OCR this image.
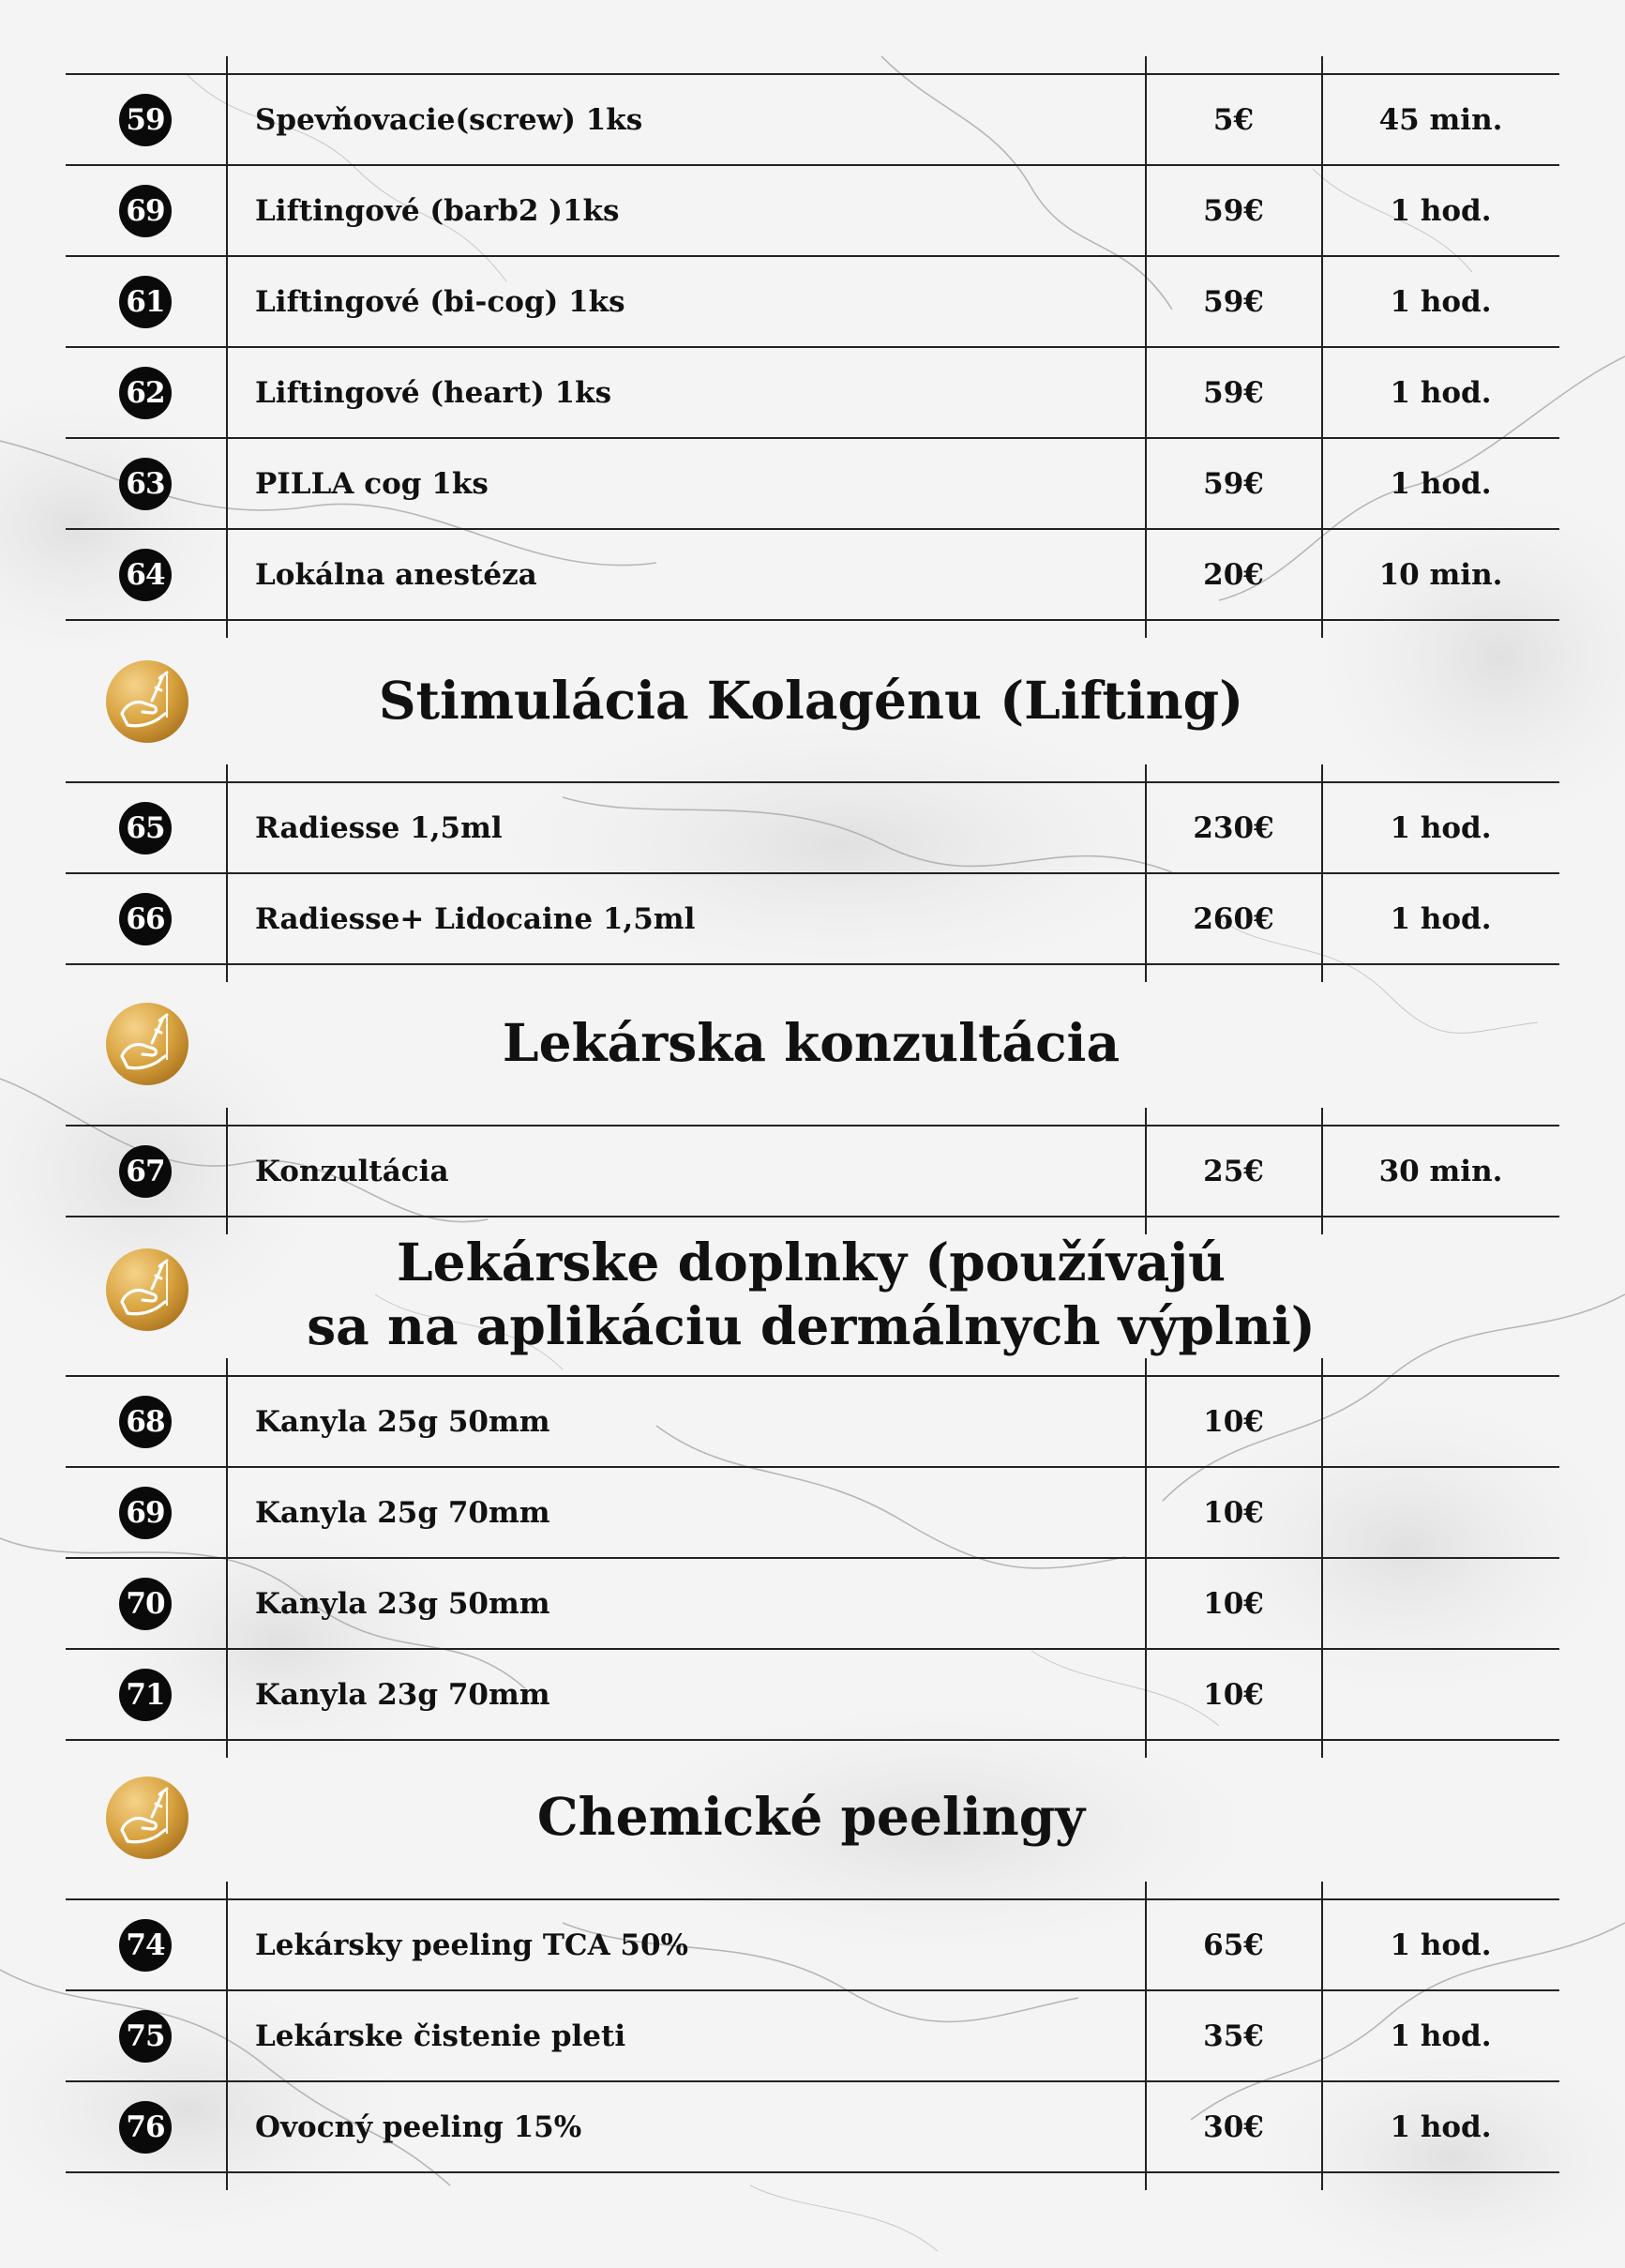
59	Spevňovacie(screw) 1ks	5€	45 min.
69	Liftingové (barb2 )1ks	59€	1 hod.
61	Liftingové (bi-cog) 1ks	59€	1 hod.
62	Liftingové (heart) 1ks	59€	1 hod.
63	PILLA cog 1ks	59€	1 hod.
64	Lokálna anestéza	20€	10 min.
Stimulácia Kolagénu (Lifting)
65	Radiesse 1,5ml	230€	1 hod.
66	Radiesse+ Lidocaine 1,5ml	260€	1 hod.
Lekárska konzultácia
67	Konzultácia	25€	30 min.
Lekárske doplnky (používajú
sa na aplikáciu dermálnych výplni)
68	Kanyla 25g 50mm	10€
69	Kanyla 25g 70mm	10€
70	Kanyla 23g 50mm	10€
71	Kanyla 23g 70mm	10€
Chemické peelingy
74	Lekársky peeling TCA 50%	65€	1 hod.
75	Lekárske čistenie pleti	35€	1 hod.
76	Ovocný peeling 15%	30€	1 hod.
